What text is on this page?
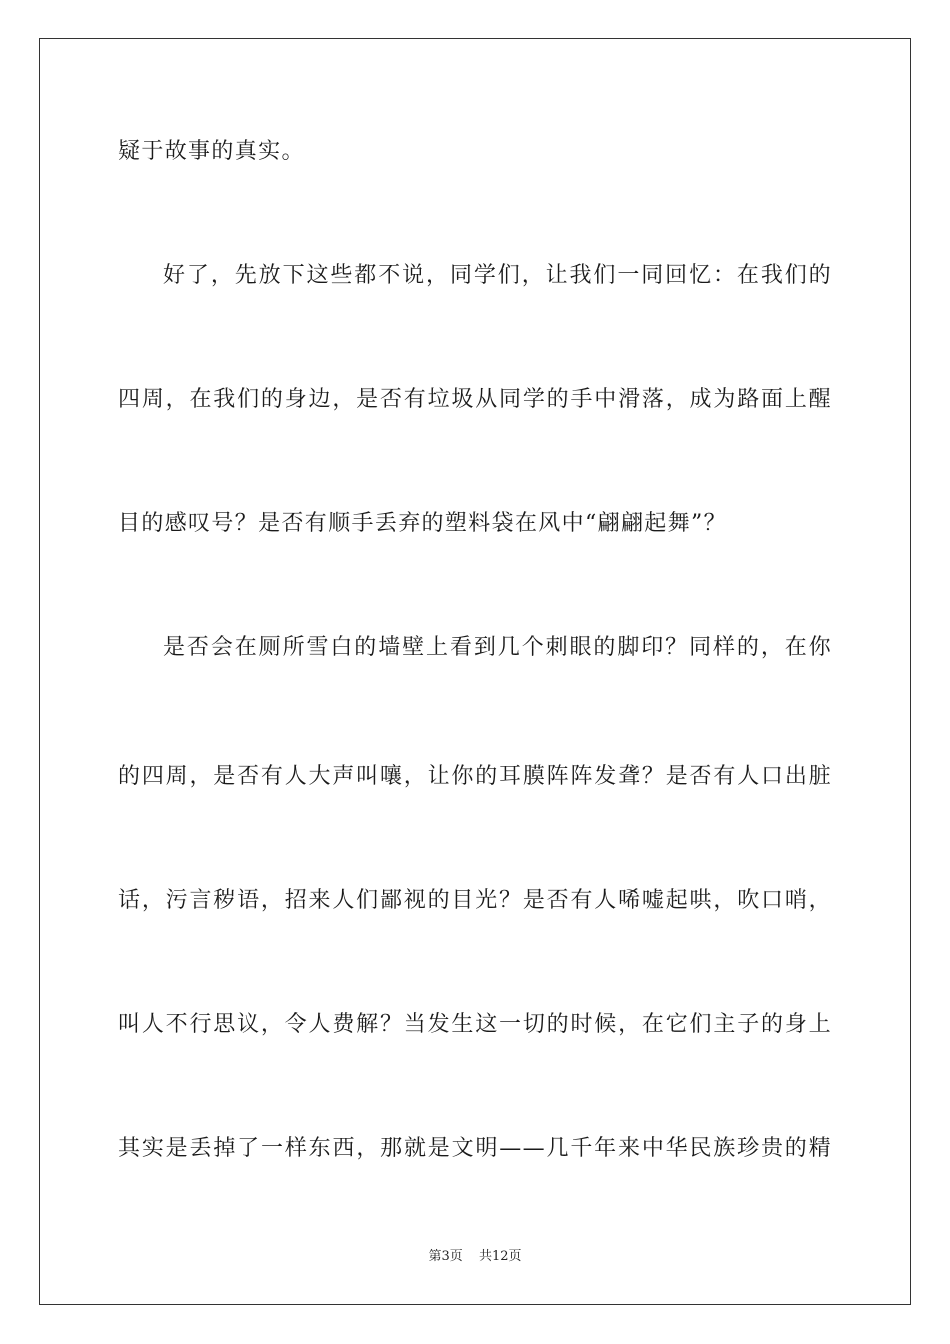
疑于故事的真实。
好了，先放下这些都不说，同学们，让我们一同回忆：在我们的
四周，在我们的身边，是否有垃圾从同学的手中滑落，成为路面上醒
目的感叹号？是否有顺手丢弃的塑料袋在风中“翩翩起舞”？
是否会在厕所雪白的墙壁上看到几个刺眼的脚印？同样的，在你
的四周，是否有人大声叫嚷，让你的耳膜阵阵发聋？是否有人口出脏
话，污言秽语，招来人们鄙视的目光？是否有人唏嘘起哄，吹口哨，
叫人不行思议，令人费解？当发生这一切的时候，在它们主子的身上
其实是丢掉了一样东西，那就是文明——几千年来中华民族珍贵的精
第3页 共12页
